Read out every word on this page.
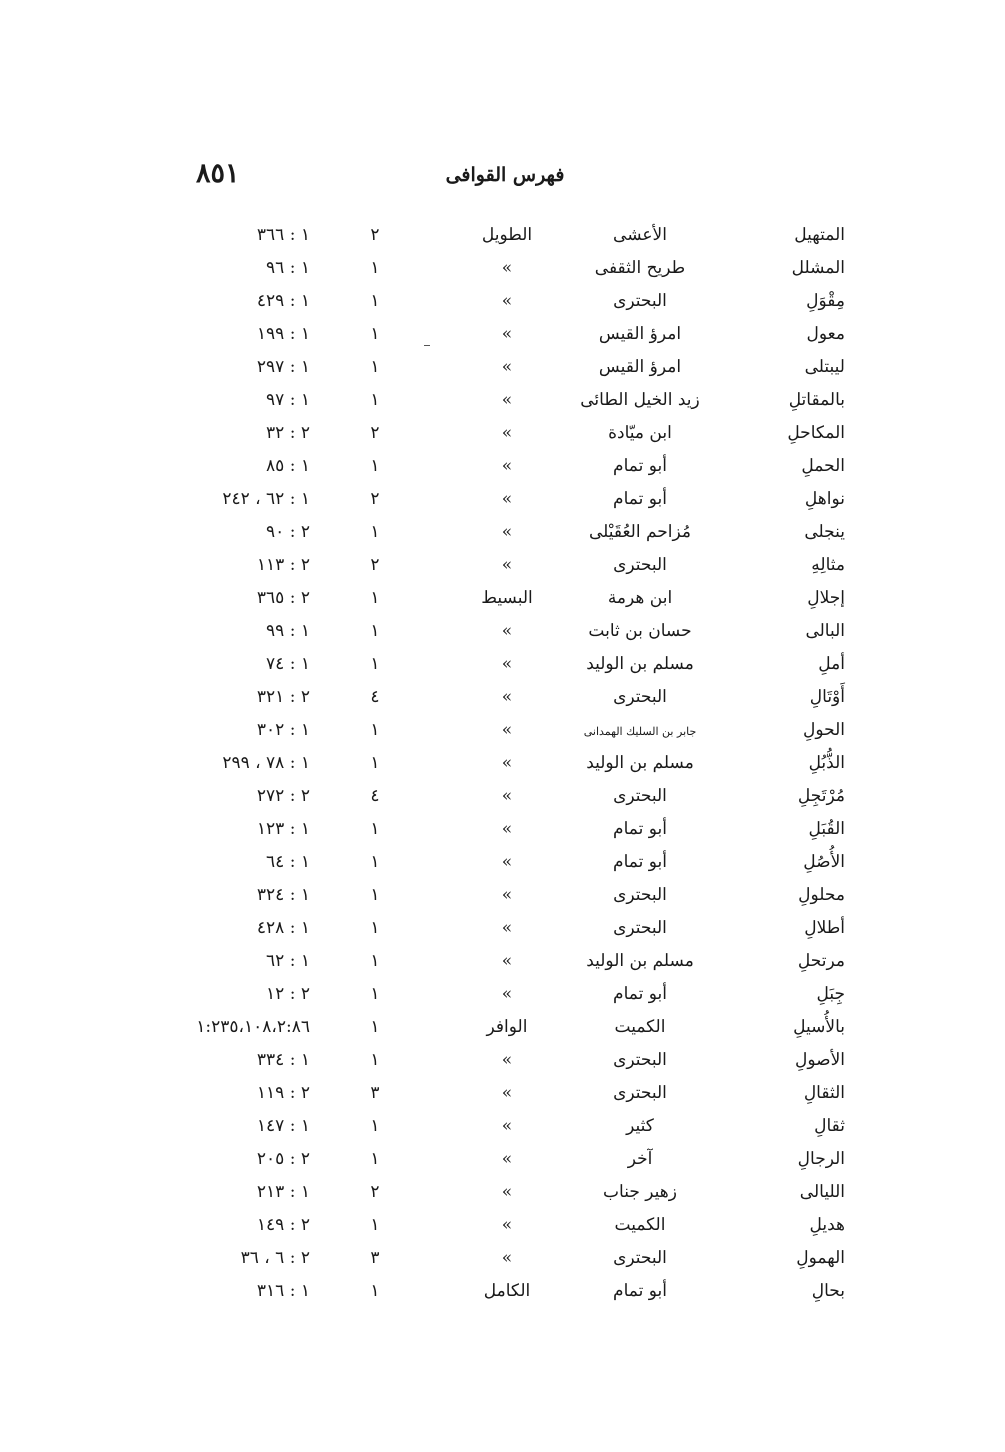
٨٥١	فهرس القوافى
المتهيل
الأعشى
الطويل
٢
١ : ٣٦٦
المشلل
طريح الثقفى
»
١
١ : ٩٦
مِقْوَلِ
البحترى
»
١
١ : ٤٢٩
معول
امرؤ القيس
»
١
١ : ١٩٩
ليبتلى
امرؤ القيس
»
١
١ : ٢٩٧
بالمقاتلِ
زيد الخيل الطائى
»
١
١ : ٩٧
المكاحلِ
ابن ميّادة
»
٢
٢ : ٣٢
الحملِ
أبو تمام
»
١
١ : ٨٥
نواهلِ
أبو تمام
»
٢
١ : ٦٢ ، ٢٤٢
ينجلى
مُزاحم العُقَيْلى
»
١
٢ : ٩٠
مثالِهِ
البحترى
»
٢
٢ : ١١٣
إجلالِ
ابن هرمة
البسيط
١
٢ : ٣٦٥
البالى
حسان بن ثابت
»
١
١ : ٩٩
أملِ
مسلم بن الوليد
»
١
١ : ٧٤
أَوْتَالِ
البحترى
»
٤
٢ : ٣٢١
الحولِ
جابر بن السليك الهمدانى
»
١
١ : ٣٠٢
الذُّبُلِ
مسلم بن الوليد
»
١
١ : ٧٨ ، ٢٩٩
مُرْتَجِلِ
البحترى
»
٤
٢ : ٢٧٢
القُبَلِ
أبو تمام
»
١
١ : ١٢٣
الأُصُلِ
أبو تمام
»
١
١ : ٦٤
محلولِ
البحترى
»
١
١ : ٣٢٤
أطلالِ
البحترى
»
١
١ : ٤٢٨
مرتحلِ
مسلم بن الوليد
»
١
١ : ٦٢
جِبَلِ
أبو تمام
»
١
٢ : ١٢
بالأُسيلِ
الكميت
الوافر
١
١:٢٣٥،١٠٨،٢:٨٦
الأصولِ
البحترى
»
١
١ : ٣٣٤
الثقالِ
البحترى
»
٣
٢ : ١١٩
ثقالِ
كثير
»
١
١ : ١٤٧
الرجالِ
آخر
»
١
٢ : ٢٠٥
الليالى
زهير جناب
»
٢
١ : ٢١٣
هديلِ
الكميت
»
١
٢ : ١٤٩
الهمولِ
البحترى
»
٣
٢ : ٦ ، ٣٦
بحالِ
أبو تمام
الكامل
١
١ : ٣١٦
